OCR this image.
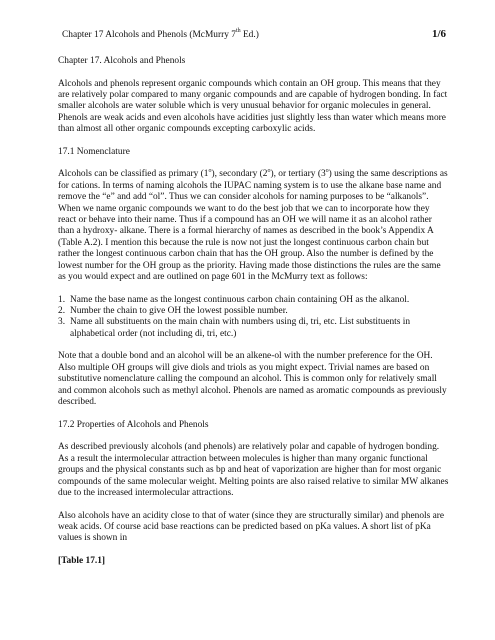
Chapter 17 Alcohols and Phenols (McMurry 7th Ed.)	1/6

Chapter 17. Alcohols and Phenols

Alcohols and phenols represent organic compounds which contain an OH group. This means that they are relatively polar compared to many organic compounds and are capable of hydrogen bonding. In fact smaller alcohols are water soluble which is very unusual behavior for organic molecules in general. Phenols are weak acids and even alcohols have acidities just slightly less than water which means more than almost all other organic compounds excepting carboxylic acids.

17.1 Nomenclature

Alcohols can be classified as primary (1$^o$), secondary (2$^o$), or tertiary (3$^o$) using the same descriptions as for cations. In terms of naming alcohols the IUPAC naming system is to use the alkane base name and remove the “e” and add “ol”. Thus we can consider alcohols for naming purposes to be “alkanols”. When we name organic compounds we want to do the best job that we can to incorporate how they react or behave into their name. Thus if a compound has an OH we will name it as an alcohol rather than a hydroxy- alkane. There is a formal hierarchy of names as described in the book’s Appendix A (Table A.2). I mention this because the rule is now not just the longest continuous carbon chain but rather the longest continuous carbon chain that has the OH group. Also the number is defined by the lowest number for the OH group as the priority. Having made those distinctions the rules are the same as you would expect and are outlined on page 601 in the McMurry text as follows:

1. Name the base name as the longest continuous carbon chain containing OH as the alkanol.
2. Number the chain to give OH the lowest possible number.
3. Name all substituents on the main chain with numbers using di, tri, etc. List substituents in alphabetical order (not including di, tri, etc.)

Note that a double bond and an alcohol will be an alkene-ol with the number preference for the OH. Also multiple OH groups will give diols and triols as you might expect. Trivial names are based on substitutive nomenclature calling the compound an alcohol. This is common only for relatively small and common alcohols such as methyl alcohol. Phenols are named as aromatic compounds as previously described.

17.2 Properties of Alcohols and Phenols

As described previously alcohols (and phenols) are relatively polar and capable of hydrogen bonding. As a result the intermolecular attraction between molecules is higher than many organic functional groups and the physical constants such as bp and heat of vaporization are higher than for most organic compounds of the same molecular weight. Melting points are also raised relative to similar MW alkanes due to the increased intermolecular attractions.

Also alcohols have an acidity close to that of water (since they are structurally similar) and phenols are weak acids. Of course acid base reactions can be predicted based on pKa values. A short list of pKa values is shown in

[Table 17.1]
